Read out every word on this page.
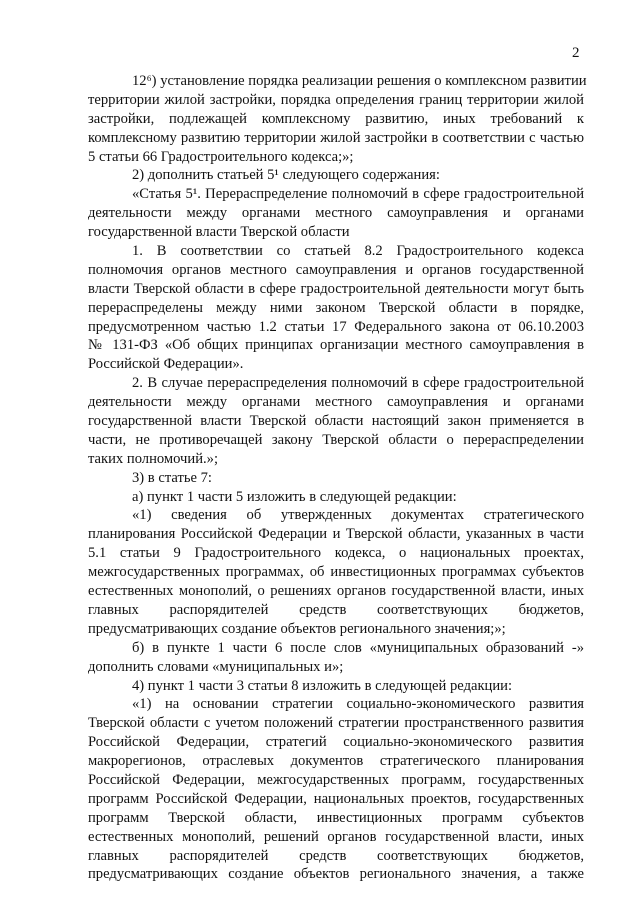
2
12⁶) установление порядка реализации решения о комплексном развитии
территории жилой застройки, порядка определения границ территории жилой
застройки, подлежащей комплексному развитию, иных требований к
комплексному развитию территории жилой застройки в соответствии с частью
5 статьи 66 Градостроительного кодекса;»;
2) дополнить статьей 5¹ следующего содержания:
«Статья 5¹. Перераспределение полномочий в сфере градостроительной
деятельности между органами местного самоуправления и органами
государственной власти Тверской области
1. В соответствии со статьей 8.2 Градостроительного кодекса
полномочия органов местного самоуправления и органов государственной
власти Тверской области в сфере градостроительной деятельности могут быть
перераспределены между ними законом Тверской области в порядке,
предусмотренном частью 1.2 статьи 17 Федерального закона от 06.10.2003
№ 131-ФЗ «Об общих принципах организации местного самоуправления в
Российской Федерации».
2. В случае перераспределения полномочий в сфере градостроительной
деятельности между органами местного самоуправления и органами
государственной власти Тверской области настоящий закон применяется в
части, не противоречащей закону Тверской области о перераспределении
таких полномочий.»;
3) в статье 7:
а) пункт 1 части 5 изложить в следующей редакции:
«1) сведения об утвержденных документах стратегического
планирования Российской Федерации и Тверской области, указанных в части
5.1 статьи 9 Градостроительного кодекса, о национальных проектах,
межгосударственных программах, об инвестиционных программах субъектов
естественных монополий, о решениях органов государственной власти, иных
главных распорядителей средств соответствующих бюджетов,
предусматривающих создание объектов регионального значения;»;
б) в пункте 1 части 6 после слов «муниципальных образований -»
дополнить словами «муниципальных и»;
4) пункт 1 части 3 статьи 8 изложить в следующей редакции:
«1) на основании стратегии социально-экономического развития
Тверской области с учетом положений стратегии пространственного развития
Российской Федерации, стратегий социально-экономического развития
макрорегионов, отраслевых документов стратегического планирования
Российской Федерации, межгосударственных программ, государственных
программ Российской Федерации, национальных проектов, государственных
программ Тверской области, инвестиционных программ субъектов
естественных монополий, решений органов государственной власти, иных
главных распорядителей средств соответствующих бюджетов,
предусматривающих создание объектов регионального значения, а также
